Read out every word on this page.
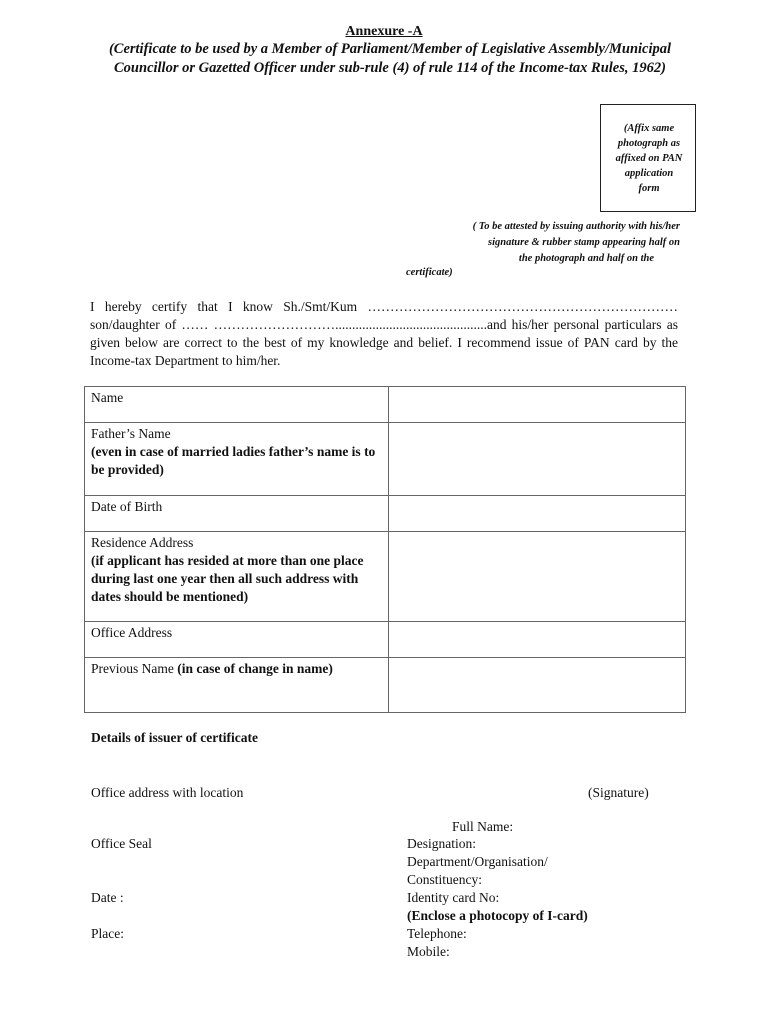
Annexure -A
(Certificate to be used by a Member of Parliament/Member of Legislative Assembly/Municipal
Councillor or Gazetted Officer under sub-rule (4) of rule 114 of the Income-tax Rules, 1962)
(Affix same
photograph as
affixed on PAN
application
form
( To be attested by issuing authority with his/her
signature & rubber stamp appearing half on
the photograph and half on the
certificate)
I hereby certify that I know Sh./Smt/Kum …………………………………………………………… son/daughter of …… ……………………….............................................and his/her personal particulars as given below are correct to the best of my knowledge and belief. I recommend issue of PAN card by the Income-tax Department to him/her.
Name	

Father’s Name
(even in case of married ladies father’s name is to be provided)	

Date of Birth	

Residence Address
(if applicant has resided at more than one place during last one year then all such address with dates should be mentioned)	

Office Address	
Previous Name (in case of change in name)	
Details of issuer of certificate
Office address with location	(Signature)
Full Name:
Office Seal	Designation:
Department/Organisation/
Constituency:
Date :	Identity card No:
(Enclose a photocopy of I-card)
Place:	Telephone:
Mobile:
